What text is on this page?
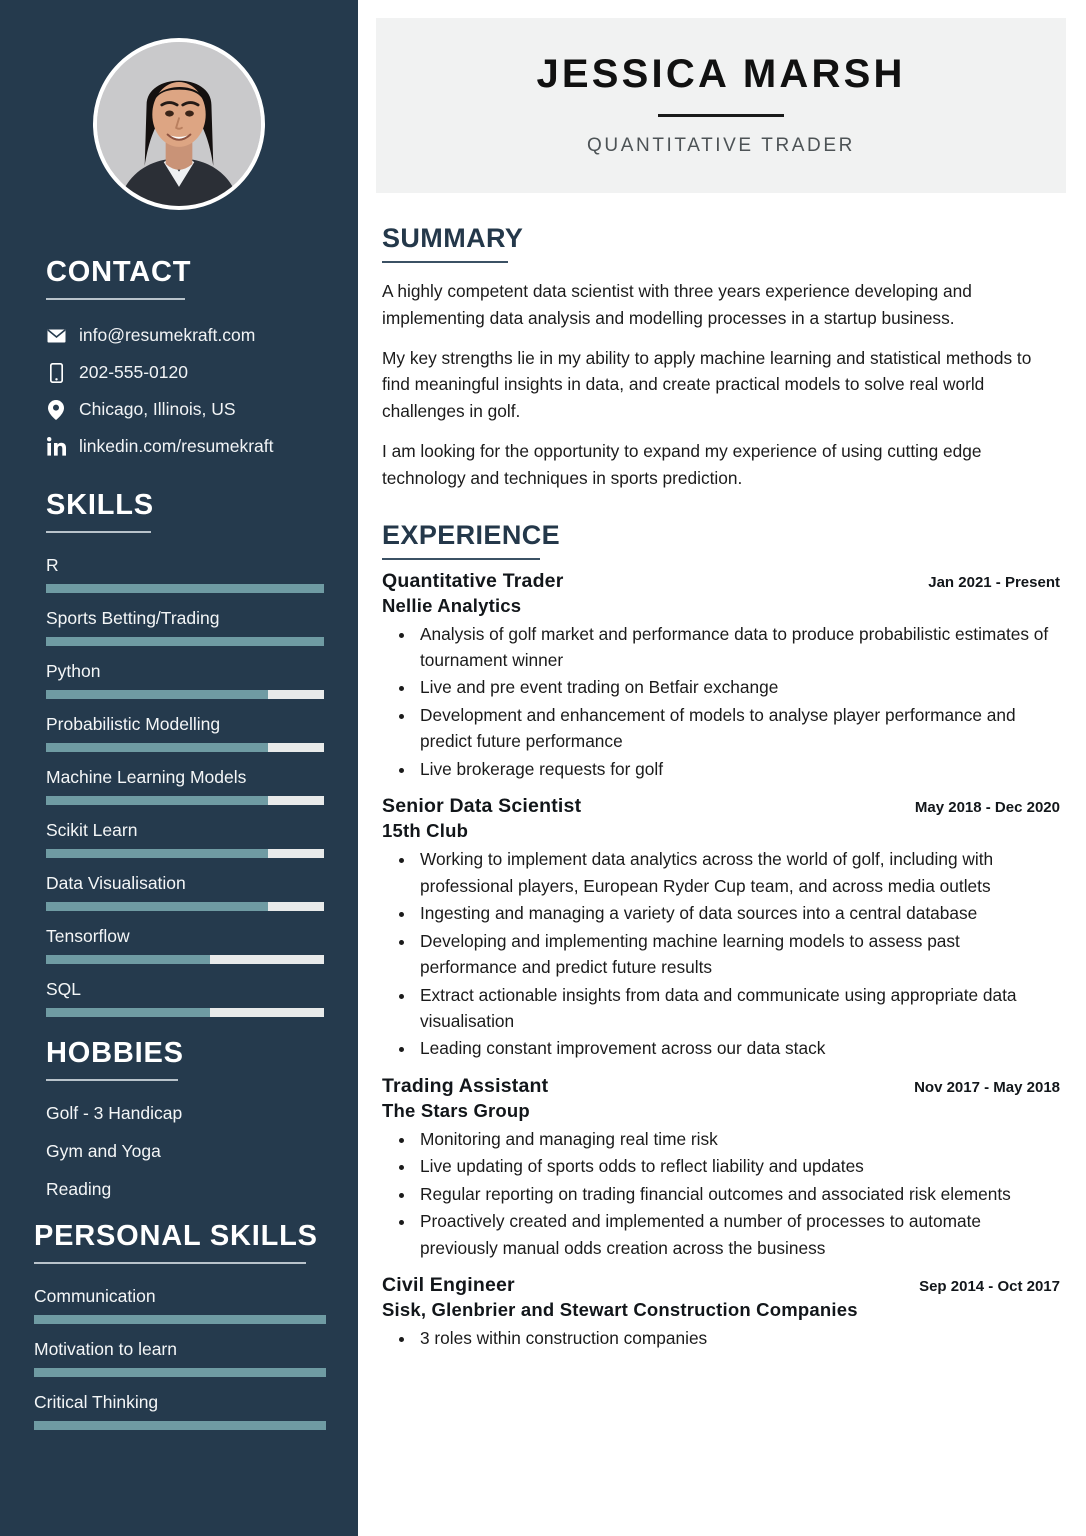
CONTACT
info@resumekraft.com
202-555-0120
Chicago, Illinois, US
linkedin.com/resumekraft
SKILLS
R
Sports Betting/Trading
Python
Probabilistic Modelling
Machine Learning Models
Scikit Learn
Data Visualisation
Tensorflow
SQL
HOBBIES
Golf - 3 Handicap
Gym and Yoga
Reading
PERSONAL SKILLS
Communication
Motivation to learn
Critical Thinking
JESSICA MARSH
QUANTITATIVE TRADER
SUMMARY

A highly competent data scientist with three years experience developing and implementing data analysis and modelling processes in a startup business.

My key strengths lie in my ability to apply machine learning and statistical methods to find meaningful insights in data, and create practical models to solve real world challenges in golf.

I am looking for the opportunity to expand my experience of using cutting edge technology and techniques in sports prediction.

EXPERIENCE
Quantitative Trader	Jan 2021 - Present
Nellie Analytics
• Analysis of golf market and performance data to produce probabilistic estimates of tournament winner
• Live and pre event trading on Betfair exchange
• Development and enhancement of models to analyse player performance and predict future performance
• Live brokerage requests for golf
Senior Data Scientist	May 2018 - Dec 2020
15th Club
• Working to implement data analytics across the world of golf, including with professional players, European Ryder Cup team, and across media outlets
• Ingesting and managing a variety of data sources into a central database
• Developing and implementing machine learning models to assess past performance and predict future results
• Extract actionable insights from data and communicate using appropriate data visualisation
• Leading constant improvement across our data stack
Trading Assistant	Nov 2017 - May 2018
The Stars Group
• Monitoring and managing real time risk
• Live updating of sports odds to reflect liability and updates
• Regular reporting on trading financial outcomes and associated risk elements
• Proactively created and implemented a number of processes to automate previously manual odds creation across the business
Civil Engineer	Sep 2014 - Oct 2017
Sisk, Glenbrier and Stewart Construction Companies
• 3 roles within construction companies
